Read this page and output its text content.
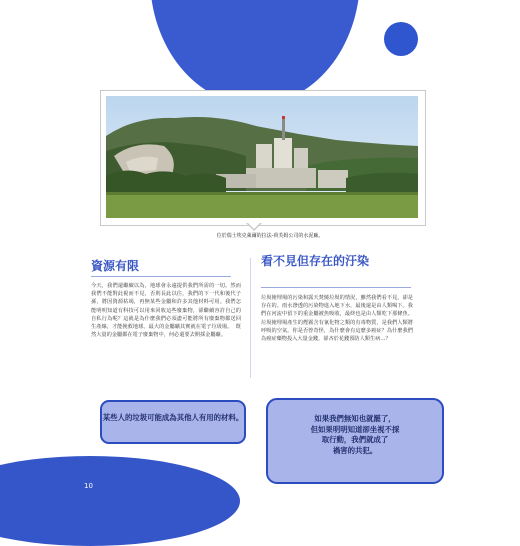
10
位於瑞士埃克萊爾的拉法-荷芙姆公司的水泥廠。
資源有限
今天，我們還繼續以為，地球會永遠提供我們所需的一切。然而我們不能對此視而不見，否則長此以往，我們的下一代和後代子孫，將因資源枯竭，再無某些金屬和許多其他材料可用。我們怎能明明知道有科技可以用來回收這些廢棄物，卻繼續容許自己的自私行為呢？這就是為什麼我們必須盡可能將所有廢棄物都送回生產線，才能挽救地球。最大的金屬礦其實就在電子垃圾場。  既然大量的金屬都在電子廢棄物中，何必還要去開採金屬礦。
看不見但存在的汙染
垃圾掩埋場的污染和露天焚燒垃圾的情況，雖然我們看不見，卻是存在的。雨水滲透的污染物進入地下水，最後還是由人類喝下。我們在河流中留下的重金屬被魚吸收，最終也是由人類吃下那條魚。垃圾掩埋場產生的煙霧含有氰化物之類的有毒物質，是我們人類將呼吸的空氣。你是否曾奇怪，為什麼會有這麼多癌症？為什麼我們為癌症藥物投入大量金錢，卻吝於花錢預防人類生病…？
某些人的垃圾可能成為其他人有用的材料。	如果我們無知也就罷了，
但如果明明知道卻坐視不採
取行動，我們就成了
禍害的共犯。
